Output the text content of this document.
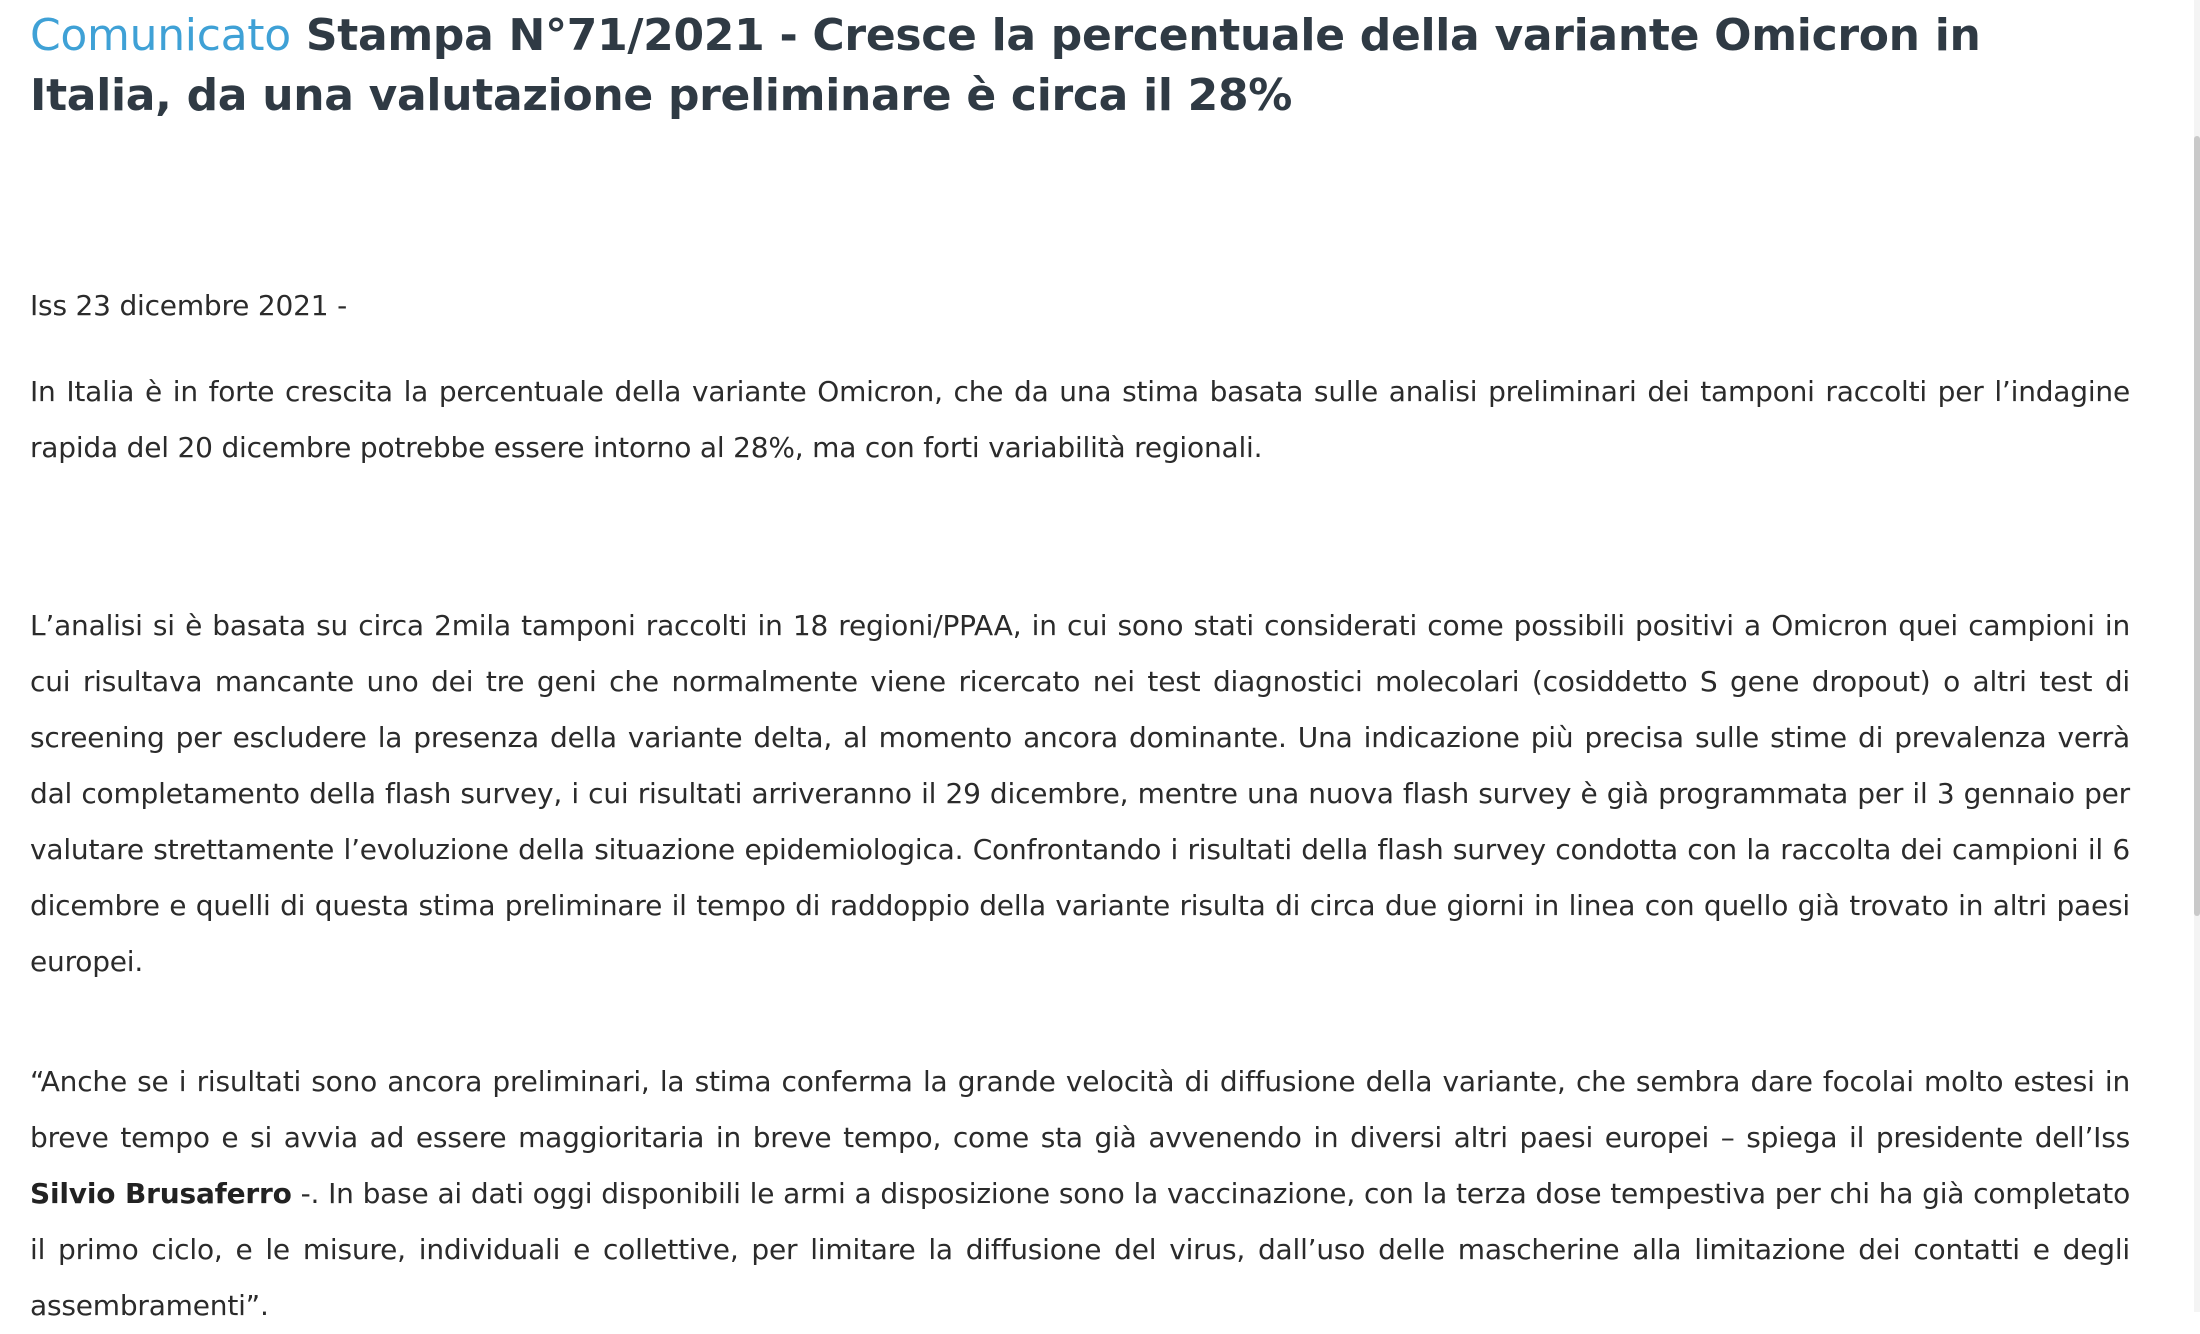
Comunicato Stampa N°71/2021 - Cresce la percentuale della variante Omicron in Italia, da una valutazione preliminare è circa il 28%
Iss 23 dicembre 2021 -

In Italia è in forte crescita la percentuale della variante Omicron, che da una stima basata sulle analisi preliminari dei tamponi raccolti per l’indagine rapida del 20 dicembre potrebbe essere intorno al 28%, ma con forti variabilità regionali.

L’analisi si è basata su circa 2mila tamponi raccolti in 18 regioni/PPAA, in cui sono stati considerati come possibili positivi a Omicron quei campioni in cui risultava mancante uno dei tre geni che normalmente viene ricercato nei test diagnostici molecolari (cosiddetto S gene dropout) o altri test di screening per escludere la presenza della variante delta, al momento ancora dominante. Una indicazione più precisa sulle stime di prevalenza verrà dal completamento della flash survey, i cui risultati arriveranno il 29 dicembre, mentre una nuova flash survey è già programmata per il 3 gennaio per valutare strettamente l’evoluzione della situazione epidemiologica. Confrontando i risultati della flash survey condotta con la raccolta dei campioni il 6 dicembre e quelli di questa stima preliminare il tempo di raddoppio della variante risulta di circa due giorni in linea con quello già trovato in altri paesi europei.

“Anche se i risultati sono ancora preliminari, la stima conferma la grande velocità di diffusione della variante, che sembra dare focolai molto estesi in breve tempo e si avvia ad essere maggioritaria in breve tempo, come sta già avvenendo in diversi altri paesi europei – spiega il presidente dell’Iss Silvio Brusaferro -. In base ai dati oggi disponibili le armi a disposizione sono la vaccinazione, con la terza dose tempestiva per chi ha già completato il primo ciclo, e le misure, individuali e collettive, per limitare la diffusione del virus, dall’uso delle mascherine alla limitazione dei contatti e degli assembramenti”.
